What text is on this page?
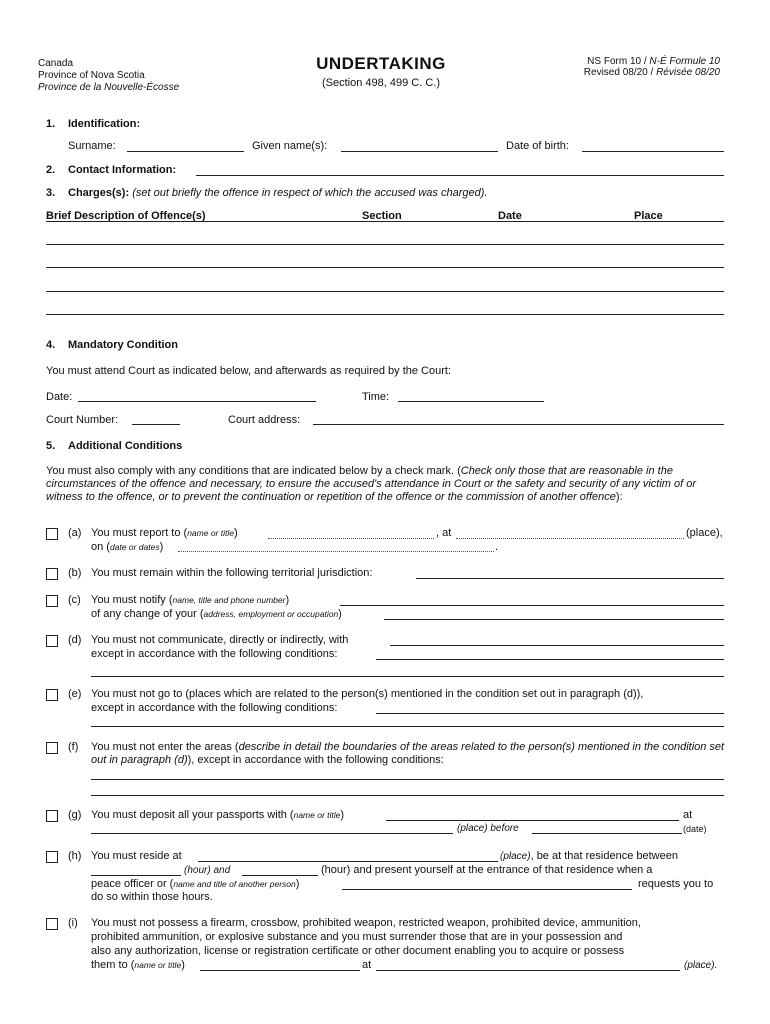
Canada
Province of Nova Scotia
Province de la Nouvelle-Écosse
UNDERTAKING
(Section 498, 499 C. C.)
NS Form 10 / N-É Formule 10
Revised 08/20 / Révisée 08/20
1. Identification:
Surname:	Given name(s):	Date of birth:
2. Contact Information:
3. Charges(s): (set out briefly the offence in respect of which the accused was charged).
Brief Description of Offence(s)	Section	Date	Place
4. Mandatory Condition
You must attend Court as indicated below, and afterwards as required by the Court:
Date:	Time:
Court Number:	Court address:
5. Additional Conditions
You must also comply with any conditions that are indicated below by a check mark. (Check only those that are reasonable in the circumstances of the offence and necessary, to ensure the accused's attendance in Court or the safety and security of any victim of or witness to the offence, or to prevent the continuation or repetition of the offence or the commission of another offence):
(a) You must report to (name or title)	, at	(place),
on (date or dates)	.
(b) You must remain within the following territorial jurisdiction:
(c) You must notify (name, title and phone number)
of any change of your (address, employment or occupation)
(d) You must not communicate, directly or indirectly, with
except in accordance with the following conditions:
(e) You must not go to (places which are related to the person(s) mentioned in the condition set out in paragraph (d)),
except in accordance with the following conditions:
(f) You must not enter the areas (describe in detail the boundaries of the areas related to the person(s) mentioned in the condition set out in paragraph (d)), except in accordance with the following conditions:
(g) You must deposit all your passports with (name or title)	at
(place) before	(date)
(h) You must reside at	(place), be at that residence between
(hour) and	(hour) and present yourself at the entrance of that residence when a
peace officer or (name and title of another person)	requests you to
do so within those hours.
(i) You must not possess a firearm, crossbow, prohibited weapon, restricted weapon, prohibited device, ammunition,
prohibited ammunition, or explosive substance and you must surrender those that are in your possession and
also any authorization, license or registration certificate or other document enabling you to acquire or possess
them to (name or title)	at	(place).
